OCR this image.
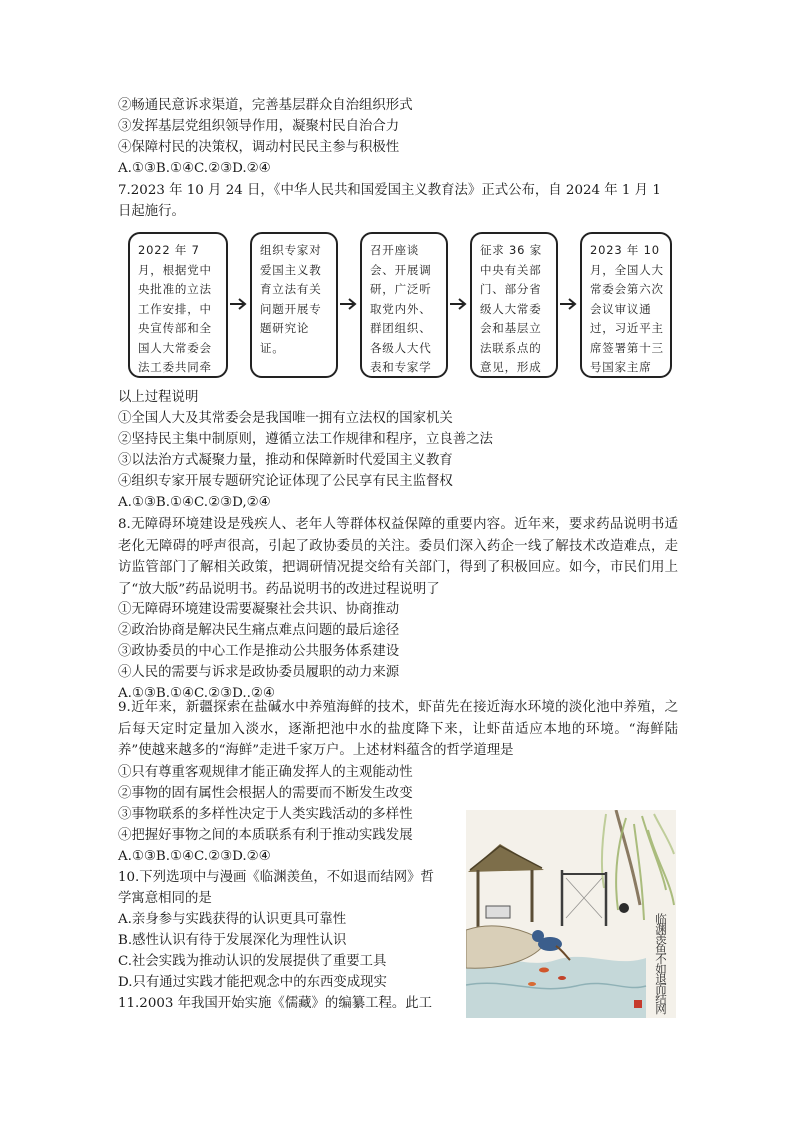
②畅通民意诉求渠道，完善基层群众自治组织形式
③发挥基层党组织领导作用，凝聚村民自治合力
④保障村民的决策权，调动村民民主参与积极性
A.①③B.①④C.②③D.②④
7.2023 年 10 月 24 日，《中华人民共和国爱国主义教育法》正式公布，自 2024 年 1 月 1
日起施行。
2022 年 7 月，根据党中央批准的立法工作安排，中央宣传部和全国人大常委会法工委共同牵
组织专家对爱国主义教育立法有关问题开展专题研究论证。
召开座谈会、开展调研，广泛听取党内外、群团组织、各级人大代表和专家学
征求 36 家中央有关部门、部分省级人大常委会和基层立法联系点的意见，形成
2023 年 10 月，全国人大常委会第六次会议审议通过，习近平主席签署第十三号国家主席
以上过程说明
①全国人大及其常委会是我国唯一拥有立法权的国家机关
②坚持民主集中制原则，遵循立法工作规律和程序，立良善之法
③以法治方式凝聚力量，推动和保障新时代爱国主义教育
④组织专家开展专题研究论证体现了公民享有民主监督权
A.①③B.①④C.②③D,②④
8.无障碍环境建设是残疾人、老年人等群体权益保障的重要内容。近年来，要求药品说明书适老化无障碍的呼声很高，引起了政协委员的关注。委员们深入药企一线了解技术改造难点，走访监管部门了解相关政策，把调研情况提交给有关部门，得到了积极回应。如今，市民们用上了“放大版”药品说明书。药品说明书的改进过程说明了
①无障碍环境建设需要凝聚社会共识、协商推动
②政治协商是解决民生痛点难点问题的最后途径
③政协委员的中心工作是推动公共服务体系建设
④人民的需要与诉求是政协委员履职的动力来源
A.①③B.①④C.②③D..②④
9.近年来，新疆探索在盐碱水中养殖海鲜的技术，虾苗先在接近海水环境的淡化池中养殖，之后每天定时定量加入淡水，逐渐把池中水的盐度降下来，让虾苗适应本地的环境。“海鲜陆养”使越来越多的“海鲜”走进千家万户。上述材料蕴含的哲学道理是
①只有尊重客观规律才能正确发挥人的主观能动性
②事物的固有属性会根据人的需要而不断发生改变
③事物联系的多样性决定于人类实践活动的多样性
④把握好事物之间的本质联系有利于推动实践发展
A.①③B.①④C.②③D.②④
10.下列选项中与漫画《临渊羡鱼，不如退而结网》哲
学寓意相同的是
A.亲身参与实践获得的认识更具可靠性
B.感性认识有待于发展深化为理性认识
C.社会实践为推动认识的发展提供了重要工具
D.只有通过实践才能把观念中的东西变成现实
11.2003 年我国开始实施《儒藏》的编纂工程。此工
临渊羡鱼不如退而结网
